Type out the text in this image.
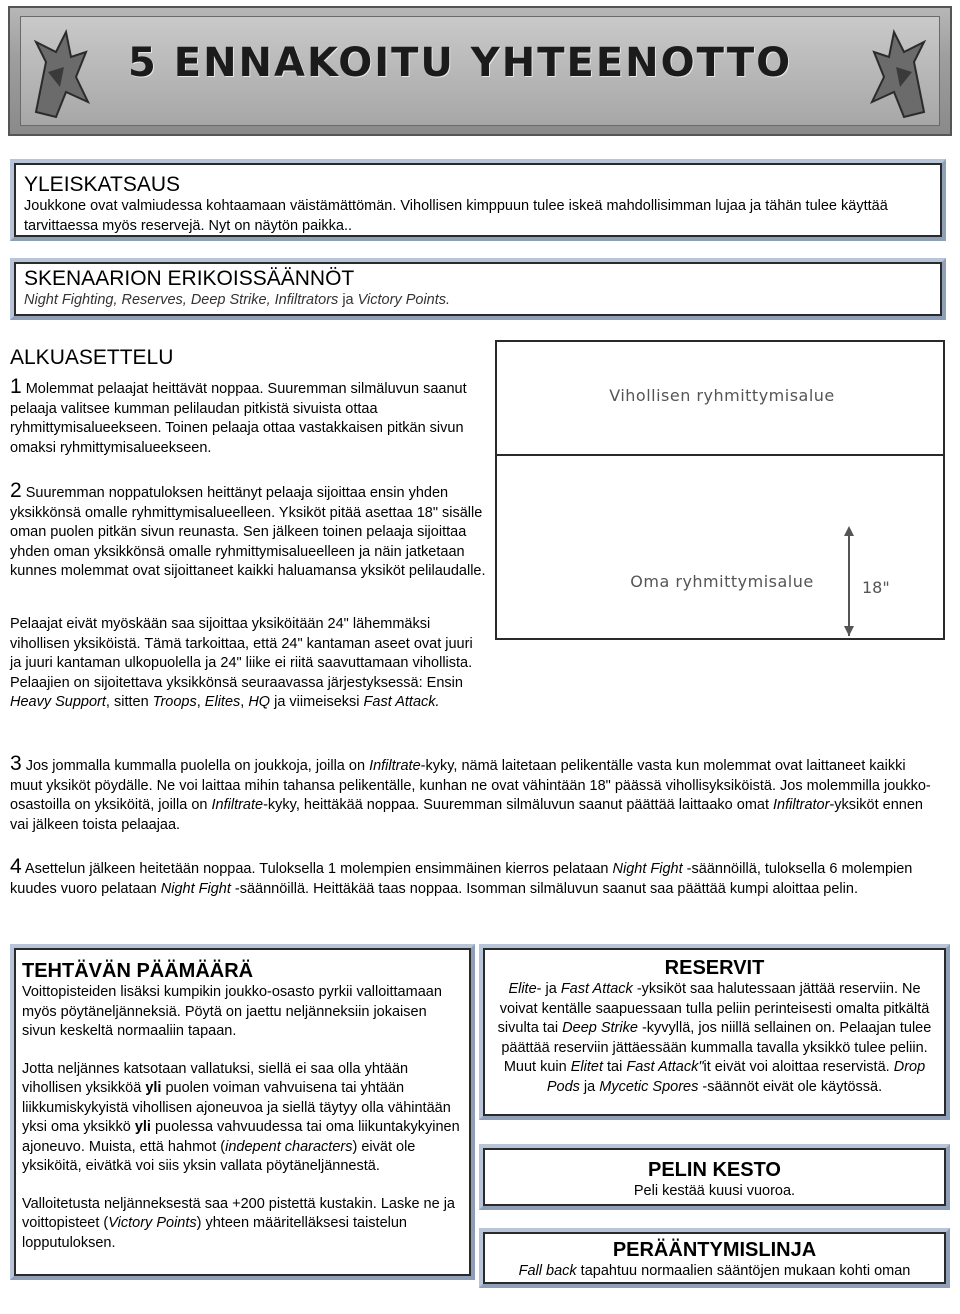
5 ENNAKOITU YHTEENOTTO
YLEISKATSAUS

Joukkone ovat valmiudessa kohtaamaan väistämättömän. Vihollisen kimppuun tulee iskeä mahdollisimman lujaa ja tähän tulee käyttää tarvittaessa myös reservejä. Nyt on näytön paikka..

SKENAARION ERIKOISSÄÄNNÖT

Night Fighting, Reserves, Deep Strike, Infiltrators ja Victory Points.

ALKUASETTELU

1 Molemmat pelaajat heittävät noppaa. Suuremman silmäluvun saanut pelaaja valitsee kumman pelilaudan pitkistä sivuista ottaa ryhmittymisalueekseen. Toinen pelaaja ottaa vastakkaisen pitkän sivun omaksi ryhmittymisalueekseen.

2 Suuremman noppatuloksen heittänyt pelaaja sijoittaa ensin yhden yksikkönsä omalle ryhmittymisalueelleen. Yksiköt pitää asettaa 18" sisälle oman puolen pitkän sivun reunasta. Sen jälkeen toinen pelaaja sijoittaa yhden oman yksikkönsä omalle ryhmittymisalueelleen ja näin jatketaan kunnes molemmat ovat sijoittaneet kaikki haluamansa yksiköt pelilaudalle.

Pelaajat eivät myöskään saa sijoittaa yksiköitään 24" lähemmäksi vihollisen yksiköistä. Tämä tarkoittaa, että 24" kantaman aseet ovat juuri ja juuri kantaman ulkopuolella ja 24" liike ei riitä saavuttamaan vihollista. Pelaajien on sijoitettava yksikkönsä seuraavassa järjestyksessä: Ensin Heavy Support, sitten Troops, Elites, HQ ja viimeiseksi Fast Attack.

Vihollisen ryhmittymisalue
Oma ryhmittymisalue	18"

3 Jos jommalla kummalla puolella on joukkoja, joilla on Infiltrate-kyky, nämä laitetaan pelikentälle vasta kun molemmat ovat laittaneet kaikki muut yksiköt pöydälle. Ne voi laittaa mihin tahansa pelikentälle, kunhan ne ovat vähintään 18" päässä vihollisyksiköistä. Jos molemmilla joukko-osastoilla on yksiköitä, joilla on Infiltrate-kyky, heittäkää noppaa. Suuremman silmäluvun saanut päättää laittaako omat Infiltrator-yksiköt ennen vai jälkeen toista pelaajaa.

4 Asettelun jälkeen heitetään noppaa. Tuloksella 1 molempien ensimmäinen kierros pelataan Night Fight -säännöillä, tuloksella 6 molempien kuudes vuoro pelataan Night Fight -säännöillä. Heittäkää taas noppaa. Isomman silmäluvun saanut saa päättää kumpi aloittaa pelin.

TEHTÄVÄN PÄÄMÄÄRÄ

Voittopisteiden lisäksi kumpikin joukko-osasto pyrkii valloittamaan myös pöytäneljänneksiä. Pöytä on jaettu neljänneksiin jokaisen sivun keskeltä normaaliin tapaan.

Jotta neljännes katsotaan vallatuksi, siellä ei saa olla yhtään vihollisen yksikköä yli puolen voiman vahvuisena tai yhtään liikkumiskykyistä vihollisen ajoneuvoa ja siellä täytyy olla vähintään yksi oma yksikkö yli puolessa vahvuudessa tai oma liikuntakykyinen ajoneuvo. Muista, että hahmot (indepent characters) eivät ole yksiköitä, eivätkä voi siis yksin vallata pöytäneljännestä.

Valloitetusta neljänneksestä saa +200 pistettä kustakin. Laske ne ja voittopisteet (Victory Points) yhteen määritelläksesi taistelun lopputuloksen.

RESERVIT

Elite- ja Fast Attack -yksiköt saa halutessaan jättää reserviin. Ne voivat kentälle saapuessaan tulla peliin perinteisesti omalta pitkältä sivulta tai Deep Strike -kyvyllä, jos niillä sellainen on. Pelaajan tulee päättää reserviin jättäessään kummalla tavalla yksikkö tulee peliin. Muut kuin Elitet tai Fast Attack"it eivät voi aloittaa reservistä. Drop Pods ja Mycetic Spores -säännöt eivät ole käytössä.

PELIN KESTO

Peli kestää kuusi vuoroa.

PERÄÄNTYMISLINJA

Fall back tapahtuu normaalien sääntöjen mukaan kohti oman
